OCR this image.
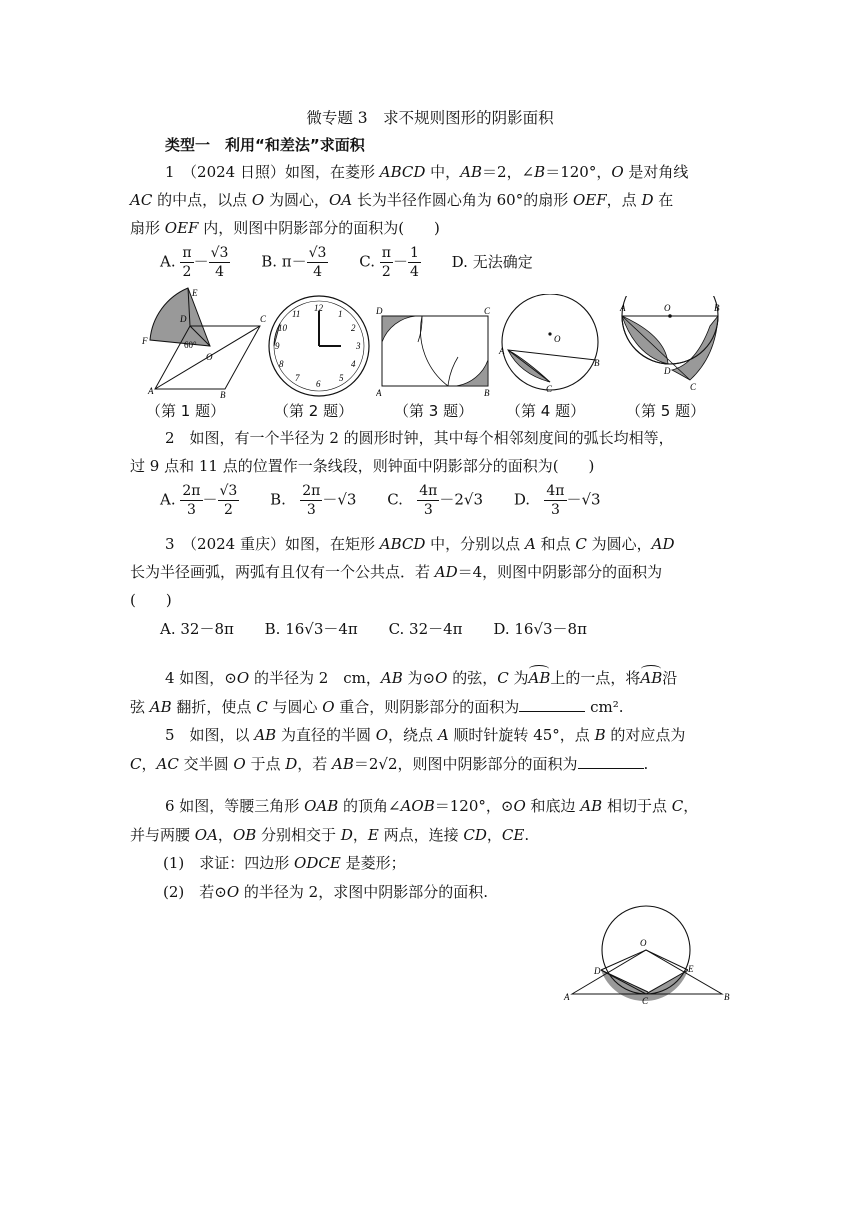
微专题 3　求不规则图形的阴影面积
类型一　利用“和差法”求面积
1　（2024 日照）如图，在菱形 ABCD 中，AB＝2，∠B＝120°，O 是对角线
AC 的中点，以点 O 为圆心，OA 长为半径作圆心角为 60°的扇形 OEF，点 D 在
扇形 OEF 内，则图中阴影部分的面积为(　　)
A. $\frac{\pi}{2} - \frac{√3}{4} B$. $\pi- \frac{√3}{4} C$. $\frac{\pi}{2} - \frac{1}{4} D$. 无法确定
E
D	C
F	60°
O
A	B
12
1
2
3
4
5
6
7
8
9
10
11	D	C
A	B
O
A
B
C
A	O	B
D
C
（第 1 题）	（第 2 题）	（第 3 题） （第 4 题）	（第 5 题）
2　如图，有一个半径为 2 的圆形时钟，其中每个相邻刻度间的弧长均相等，
过 9 点和 11 点的位置作一条线段，则钟面中阴影部分的面积为(　　)
A. $\frac{2\pi}{3} - \frac{√3}{2} B$. $\frac{2\pi}{3} -√3$ C. $\frac{4\pi}{3} -2√3$ D. $\frac{4\pi}{3} -√3$
3　（2024 重庆）如图，在矩形 ABCD 中，分别以点 A 和点 C 为圆心，AD
长为半径画弧，两弧有且仅有一个公共点．若 AD＝4，则图中阴影部分的面积为
(　　)
A. 32－8π B. 16√3－4π C. 32－4π D. 16√3－8π
4 如图，⊙O 的半径为 2　cm，AB 为⊙O 的弦，C 为AB上的一点，将AB沿
弦 AB 翻折，使点 C 与圆心 O 重合，则阴影部分的面积为	cm².
5　如图，以 AB 为直径的半圆 O，绕点 A 顺时针旋转 45°，点 B 的对应点为
C，AC 交半圆 O 于点 D，若 AB＝2√2，则图中阴影部分的面积为	.
6 如图，等腰三角形 OAB 的顶角∠AOB＝120°，⊙O 和底边 AB 相切于点 C，
并与两腰 OA，OB 分别相交于 D，E 两点，连接 CD，CE.
(1)　求证：四边形 ODCE 是菱形；
(2)　若⊙O 的半径为 2，求图中阴影部分的面积.
O
D	E
A	C	B
